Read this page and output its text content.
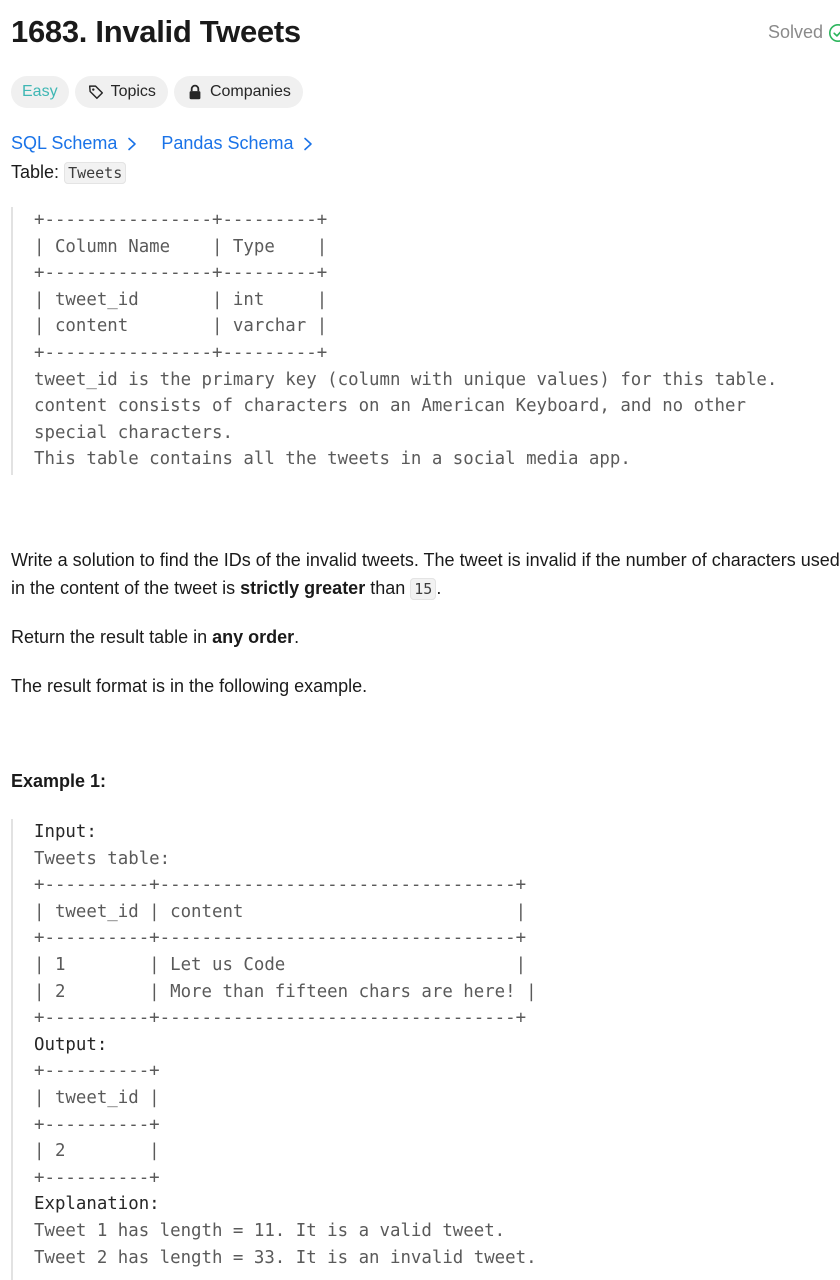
1683. Invalid Tweets	Solved
Easy	Topics	Companies
SQL Schema Pandas Schema
Table: Tweets
+----------------+---------+
| Column Name    | Type    |
+----------------+---------+
| tweet_id       | int     |
| content        | varchar |
+----------------+---------+
tweet_id is the primary key (column with unique values) for this table.
content consists of characters on an American Keyboard, and no other
special characters.
This table contains all the tweets in a social media app.
Write a solution to find the IDs of the invalid tweets. The tweet is invalid if the number of characters used in the content of the tweet is strictly greater than 15 .
Return the result table in any order.
The result format is in the following example.
Example 1:
Input:
Tweets table:
+----------+----------------------------------+
| tweet_id | content                          |
+----------+----------------------------------+
| 1        | Let us Code                      |
| 2        | More than fifteen chars are here! |
+----------+----------------------------------+
Output:
+----------+
| tweet_id |
+----------+
| 2        |
+----------+
Explanation:
Tweet 1 has length = 11. It is a valid tweet.
Tweet 2 has length = 33. It is an invalid tweet.
